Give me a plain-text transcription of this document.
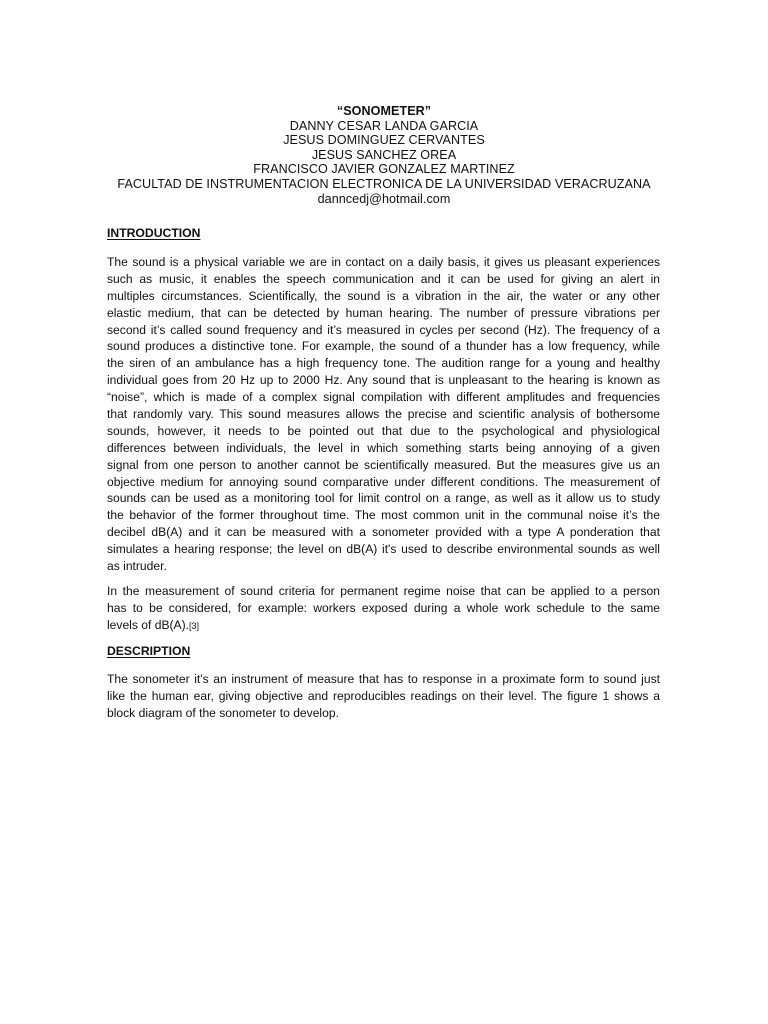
“SONOMETER”
DANNY CESAR LANDA GARCIA
JESUS DOMINGUEZ CERVANTES
JESUS SANCHEZ OREA
FRANCISCO JAVIER GONZALEZ MARTINEZ
FACULTAD DE INSTRUMENTACION ELECTRONICA DE LA UNIVERSIDAD VERACRUZANA
danncedj@hotmail.com
INTRODUCTION
The sound is a physical variable we are in contact on a daily basis, it gives us pleasant experiences
such as music, it enables the speech communication and it can be used for giving an alert in
multiples circumstances. Scientifically, the sound is a vibration in the air, the water or any other
elastic medium, that can be detected by human hearing. The number of pressure vibrations per
second it’s called sound frequency and it’s measured in cycles per second (Hz). The frequency of a
sound produces a distinctive tone. For example, the sound of a thunder has a low frequency, while
the siren of an ambulance has a high frequency tone. The audition range for a young and healthy
individual goes from 20 Hz up to 2000 Hz. Any sound that is unpleasant to the hearing is known as
“noise”, which is made of a complex signal compilation with different amplitudes and frequencies
that randomly vary. This sound measures allows the precise and scientific analysis of bothersome
sounds, however, it needs to be pointed out that due to the psychological and physiological
differences between individuals, the level in which something starts being annoying of a given
signal from one person to another cannot be scientifically measured. But the measures give us an
objective medium for annoying sound comparative under different conditions. The measurement of
sounds can be used as a monitoring tool for limit control on a range, as well as it allow us to study
the behavior of the former throughout time. The most common unit in the communal noise it’s the
decibel dB(A) and it can be measured with a sonometer provided with a type A ponderation that
simulates a hearing response; the level on dB(A) it's used to describe environmental sounds as well
as intruder.
In the measurement of sound criteria for permanent regime noise that can be applied to a person
has to be considered, for example: workers exposed during a whole work schedule to the same
levels of dB(A).[3]
DESCRIPTION
The sonometer it's an instrument of measure that has to response in a proximate form to sound just
like the human ear, giving objective and reproducibles readings on their level. The figure 1 shows a
block diagram of the sonometer to develop.
